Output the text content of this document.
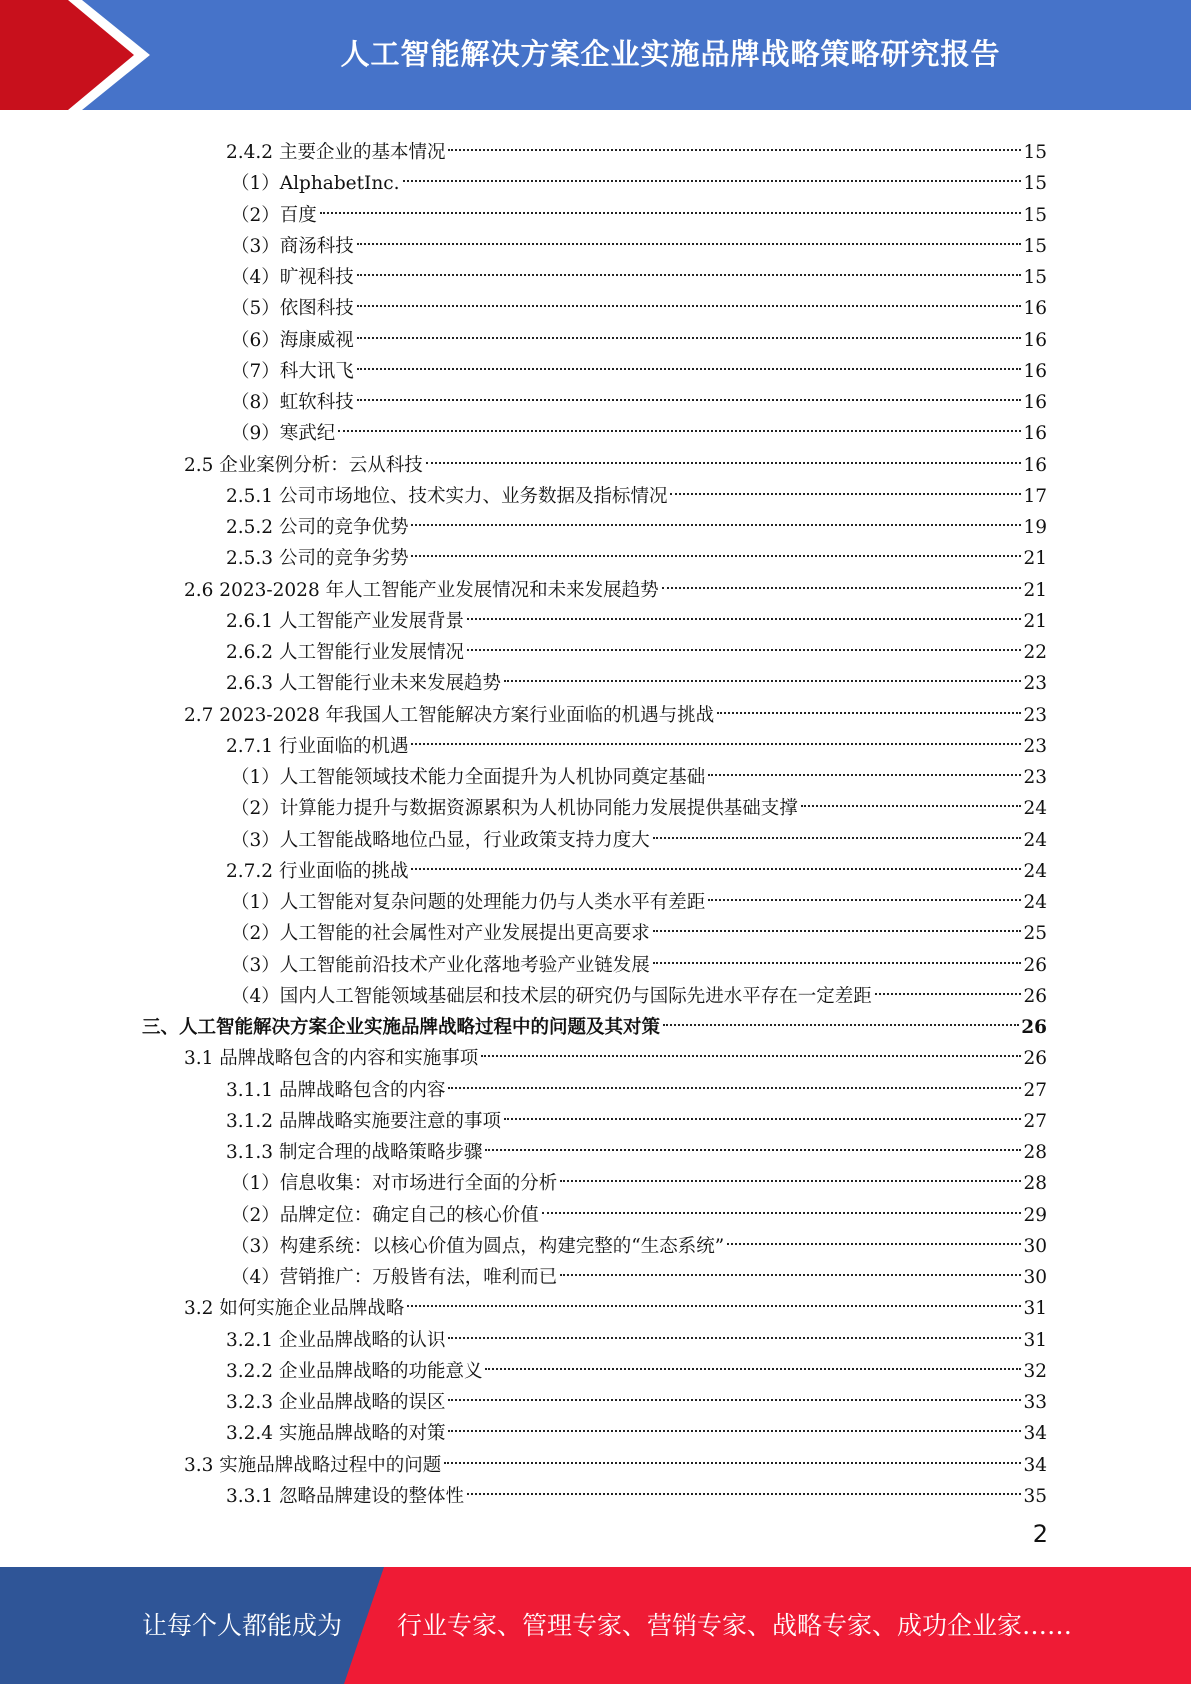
人工智能解决方案企业实施品牌战略策略研究报告
2.4.2 主要企业的基本情况	15
（1）AlphabetInc.	15
（2）百度	15
（3）商汤科技	15
（4）旷视科技	15
（5）依图科技	16
（6）海康威视	16
（7）科大讯飞	16
（8）虹软科技	16
（9）寒武纪	16
2.5 企业案例分析：云从科技	16
2.5.1 公司市场地位、技术实力、业务数据及指标情况	17
2.5.2 公司的竞争优势	19
2.5.3 公司的竞争劣势	21
2.6 2023-2028 年人工智能产业发展情况和未来发展趋势	21
2.6.1 人工智能产业发展背景	21
2.6.2 人工智能行业发展情况	22
2.6.3 人工智能行业未来发展趋势	23
2.7 2023-2028 年我国人工智能解决方案行业面临的机遇与挑战	23
2.7.1 行业面临的机遇	23
（1）人工智能领域技术能力全面提升为人机协同奠定基础	23
（2）计算能力提升与数据资源累积为人机协同能力发展提供基础支撑	24
（3）人工智能战略地位凸显，行业政策支持力度大	24
2.7.2 行业面临的挑战	24
（1）人工智能对复杂问题的处理能力仍与人类水平有差距	24
（2）人工智能的社会属性对产业发展提出更高要求	25
（3）人工智能前沿技术产业化落地考验产业链发展	26
（4）国内人工智能领域基础层和技术层的研究仍与国际先进水平存在一定差距	26
三、人工智能解决方案企业实施品牌战略过程中的问题及其对策	26
3.1 品牌战略包含的内容和实施事项	26
3.1.1 品牌战略包含的内容	27
3.1.2 品牌战略实施要注意的事项	27
3.1.3 制定合理的战略策略步骤	28
（1）信息收集：对市场进行全面的分析	28
（2）品牌定位：确定自己的核心价值	29
（3）构建系统：以核心价值为圆点，构建完整的“生态系统”	30
（4）营销推广：万般皆有法，唯利而已	30
3.2 如何实施企业品牌战略	31
3.2.1 企业品牌战略的认识	31
3.2.2 企业品牌战略的功能意义	32
3.2.3 企业品牌战略的误区	33
3.2.4 实施品牌战略的对策	34
3.3 实施品牌战略过程中的问题	34
3.3.1 忽略品牌建设的整体性	35
2
让每个人都能成为 行业专家、管理专家、营销专家、战略专家、成功企业家……
